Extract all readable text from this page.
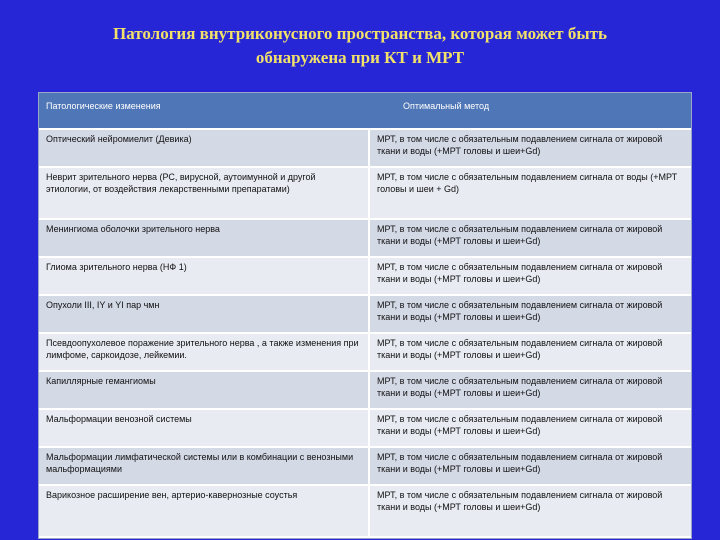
Патология внутриконусного пространства, которая может быть
обнаружена при КТ и МРТ
Патологические изменения	Оптимальный метод
Оптический нейромиелит (Девика)	МРТ, в том числе с обязательным подавлением сигнала от жировой ткани и воды (+МРТ головы и шеи+Gd)
Неврит зрительного нерва (РС, вирусной, аутоимунной и другой этиологии, от воздействия лекарственными препаратами)	МРТ, в том числе с обязательным подавлением сигнала от воды (+МРТ головы и шеи + Gd)
Менингиома оболочки зрительного нерва	МРТ, в том числе с обязательным подавлением сигнала от жировой ткани и воды (+МРТ головы и шеи+Gd)
Глиома зрительного нерва (НФ 1)	МРТ, в том числе с обязательным подавлением сигнала от жировой ткани и воды (+МРТ головы и шеи+Gd)
Опухоли III, IY и YI пар чмн	МРТ, в том числе с обязательным подавлением сигнала от жировой ткани и воды (+МРТ головы и шеи+Gd)
Псевдоопухолевое поражение зрительного нерва , а также изменения при лимфоме, саркоидозе, лейкемии.	МРТ, в том числе с обязательным подавлением сигнала от жировой ткани и воды (+МРТ головы и шеи+Gd)
Капиллярные гемангиомы	МРТ, в том числе с обязательным подавлением сигнала от жировой ткани и воды (+МРТ головы и шеи+Gd)
Мальформации венозной системы	МРТ, в том числе с обязательным подавлением сигнала от жировой ткани и воды (+МРТ головы и шеи+Gd)
Мальформации лимфатической системы или в комбинации с венозными мальформациями	МРТ, в том числе с обязательным подавлением сигнала от жировой ткани и воды (+МРТ головы и шеи+Gd)
Варикозное расширение вен, артерио-кавернозные соустья	МРТ, в том числе с обязательным подавлением сигнала от жировой ткани и воды (+МРТ головы и шеи+Gd)
